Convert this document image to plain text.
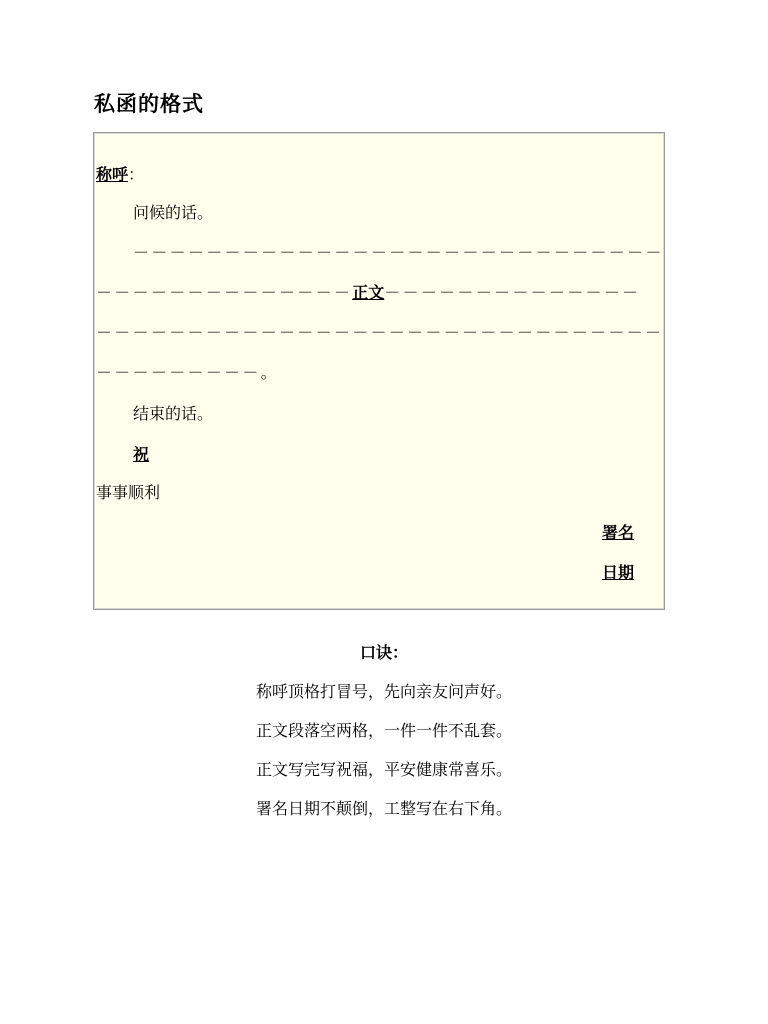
私函的格式
称呼：
问候的话。
－－－－－－－－－－－－－－－－－－－－－－－－－－－－－
－－－－－－－－－－－－－－正文－－－－－－－－－－－－－－
－－－－－－－－－－－－－－－－－－－－－－－－－－－－－－－
－－－－－－－－－。
结束的话。
祝
事事顺利
署名
日期
口诀：
称呼顶格打冒号，先向亲友问声好。
正文段落空两格，一件一件不乱套。
正文写完写祝福，平安健康常喜乐。
署名日期不颠倒，工整写在右下角。
